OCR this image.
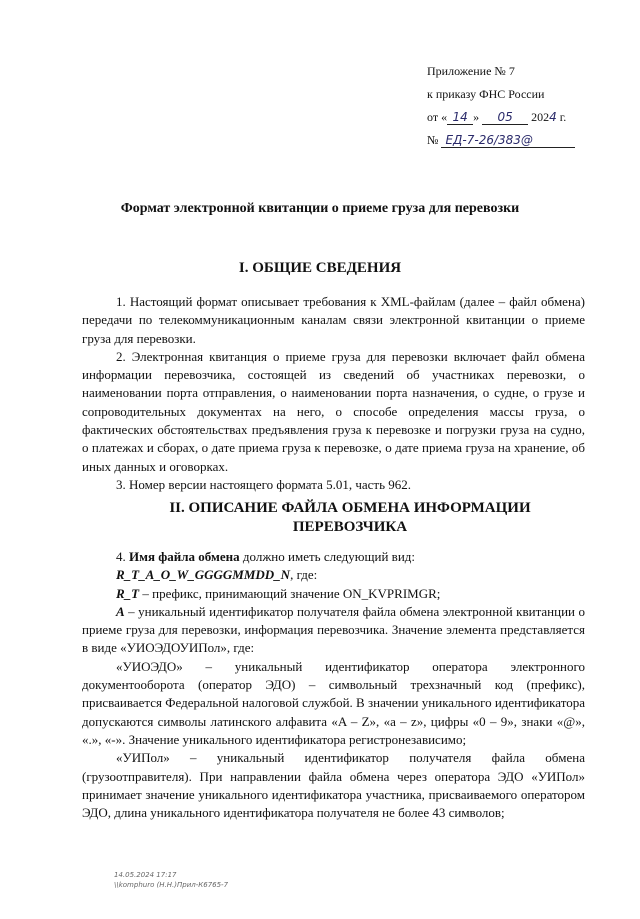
Приложение № 7
к приказу ФНС России
от « 14 » 05 2024 г.
№ ЕД-7-26/383@
Формат электронной квитанции о приеме груза для перевозки
I. ОБЩИЕ СВЕДЕНИЯ

1. Настоящий формат описывает требования к XML-файлам (далее – файл обмена) передачи по телекоммуникационным каналам связи электронной квитанции о приеме груза для перевозки.

2. Электронная квитанция о приеме груза для перевозки включает файл обмена информации перевозчика, состоящей из сведений об участниках перевозки, о наименовании порта отправления, о наименовании порта назначения, о судне, о грузе и сопроводительных документах на него, о способе определения массы груза, о фактических обстоятельствах предъявления груза к перевозке и погрузки груза на судно, о платежах и сборах, о дате приема груза к перевозке, о дате приема груза на хранение, об иных данных и оговорках.

3. Номер версии настоящего формата 5.01, часть 962.

II. ОПИСАНИЕ ФАЙЛА ОБМЕНА ИНФОРМАЦИИ ПЕРЕВОЗЧИКА

4. Имя файла обмена должно иметь следующий вид:

R_T_A_O_W_GGGGMMDD_N, где:

R_T – префикс, принимающий значение ON_KVPRIMGR;

A – уникальный идентификатор получателя файла обмена электронной квитанции о приеме груза для перевозки, информация перевозчика. Значение элемента представляется в виде «УИОЭДОУИПол», где:

«УИОЭДО» – уникальный идентификатор оператора электронного документооборота (оператор ЭДО) – символьный трехзначный код (префикс), присваивается Федеральной налоговой службой. В значении уникального идентификатора допускаются символы латинского алфавита «A – Z», «a – z», цифры «0 – 9», знаки «@», «.», «-». Значение уникального идентификатора регистронезависимо;

«УИПол» – уникальный идентификатор получателя файла обмена (грузоотправителя). При направлении файла обмена через оператора ЭДО «УИПол» принимает значение уникального идентификатора участника, присваиваемого оператором ЭДО, длина уникального идентификатора получателя не более 43 символов;

14.05.2024 17:17
\\komphuro (Н.Н.)Прил-К6765-7
